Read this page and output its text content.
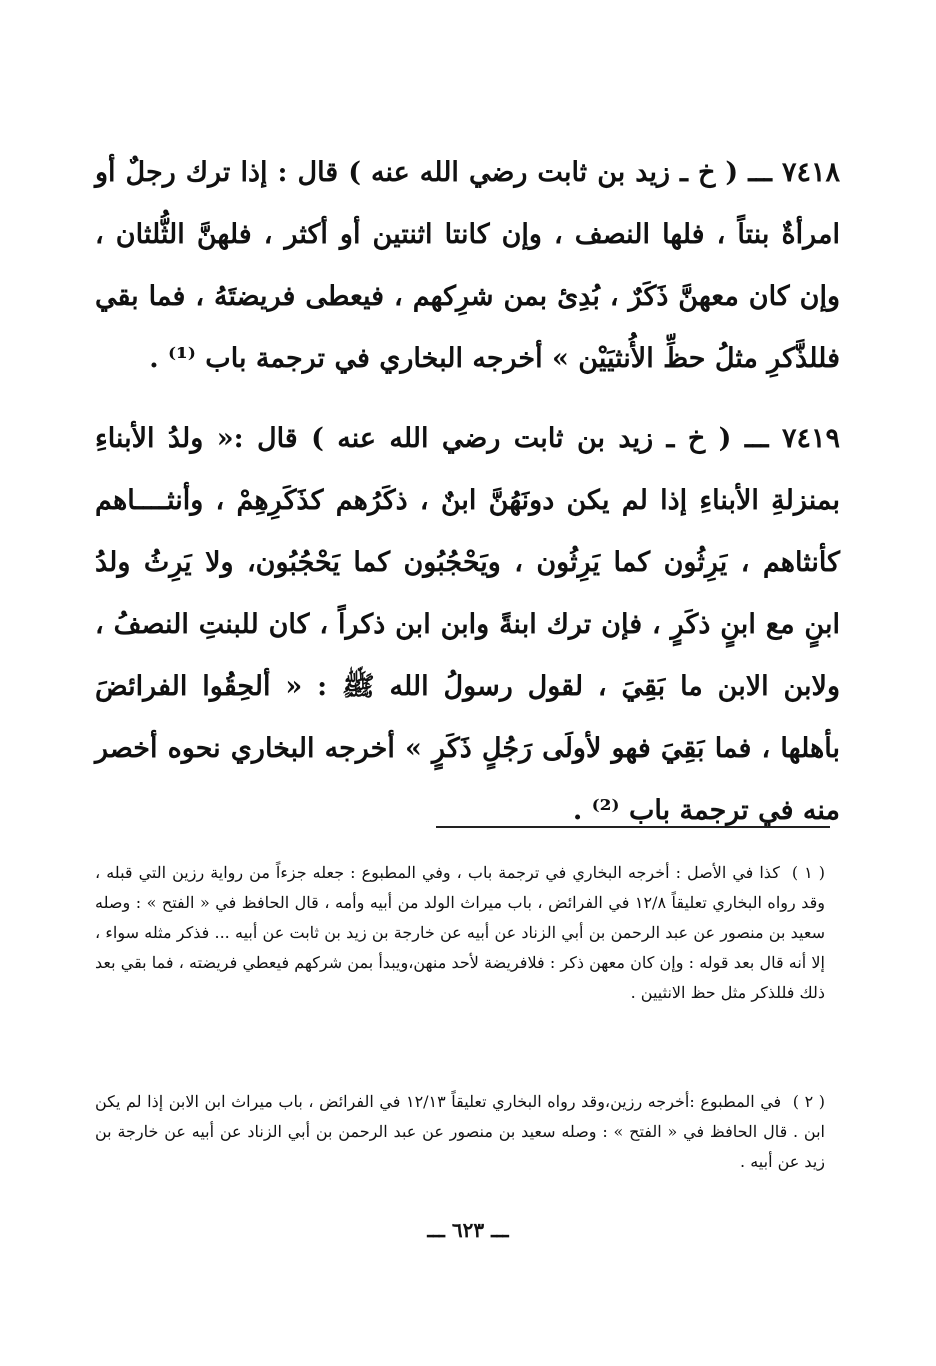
٧٤١٨ ـــ ( خ ـ زيد بن ثابت رضي الله عنه ) قال : إذا ترك رجلٌ أو امرأةٌ بنتاً ، فلها النصف ، وإن كانتا اثنتين أو أكثر ، فلهنَّ الثُّلثان ، وإن كان معهنَّ ذَكَرٌ ، بُدِئ بمن شرِكهم ، فيعطى فريضتَهُ ، فما بقي فللذَّكرِ مثلُ حظِّ الأُنثيَيْن » أخرجه البخاري في ترجمة باب ⁽¹⁾ .
٧٤١٩ ـــ ( خ ـ زيد بن ثابت رضي الله عنه ) قال :« ولدُ الأبناءِ بمنزلةِ الأبناءِ إذا لم يكن دونَهُنَّ ابنٌ ، ذكَرُهم كذَكَرِهِمْ ، وأنثــــاهم كأنثاهم ، يَرِثُون كما يَرِثُون ، ويَحْجُبُون كما يَحْجُبُون، ولا يَرِثُ ولدُ ابنٍ مع ابنٍ ذكَرٍ ، فإن ترك ابنةً وابن ابن ذكراً ، كان للبنتِ النصفُ ، ولابن الابن ما بَقِيَ ، لقول رسولُ الله ﷺ : « ألحِقُوا الفرائضَ بأهلها ، فما بَقِيَ فهو لأولَى رَجُلٍ ذَكَرٍ » أخرجه البخاري نحوه أخصر منه في ترجمة باب ⁽²⁾ .
( ١ ) كذا في الأصل : أخرجه البخاري في ترجمة باب ، وفي المطبوع : جعله جزءاً من رواية رزين التي قبله ، وقد رواه البخاري تعليقاً ١٢/٨ في الفرائض ، باب ميراث الولد من أبيه وأمه ، قال الحافظ في « الفتح » : وصله سعيد بن منصور عن عبد الرحمن بن أبي الزناد عن أبيه عن خارجة بن زيد بن ثابت عن أبيه ... فذكر مثله سواء ، إلا أنه قال بعد قوله : وإن كان معهن ذكر : فلافريضة لأحد منهن،ويبدأ بمن شركهم فيعطي فريضته ، فما بقي بعد ذلك فللذكر مثل حظ الانثيين .
( ٢ ) في المطبوع :أخرجه رزين،وقد رواه البخاري تعليقاً ١٢/١٣ في الفرائض ، باب ميراث ابن الابن إذا لم يكن ابن . قال الحافظ في « الفتح » : وصله سعيد بن منصور عن عبد الرحمن بن أبي الزناد عن أبيه عن خارجة بن زيد عن أبيه .
ـــ ٦٢٣ ـــ
